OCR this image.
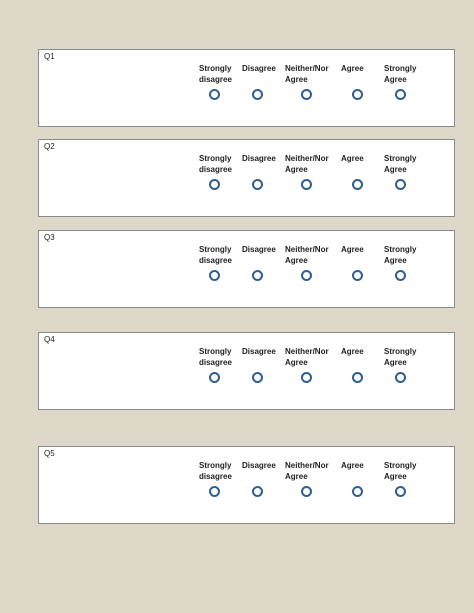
Q1
Strongly
disagree
Disagree Neither/Nor
Agree
Agree	Strongly
Agree
Q2
Strongly
disagree
Disagree Neither/Nor
Agree
Agree	Strongly
Agree
Q3
Strongly
disagree
Disagree Neither/Nor
Agree
Agree	Strongly
Agree
Q4
Strongly
disagree
Disagree Neither/Nor
Agree
Agree	Strongly
Agree
Q5
Strongly
disagree
Disagree Neither/Nor
Agree
Agree	Strongly
Agree
